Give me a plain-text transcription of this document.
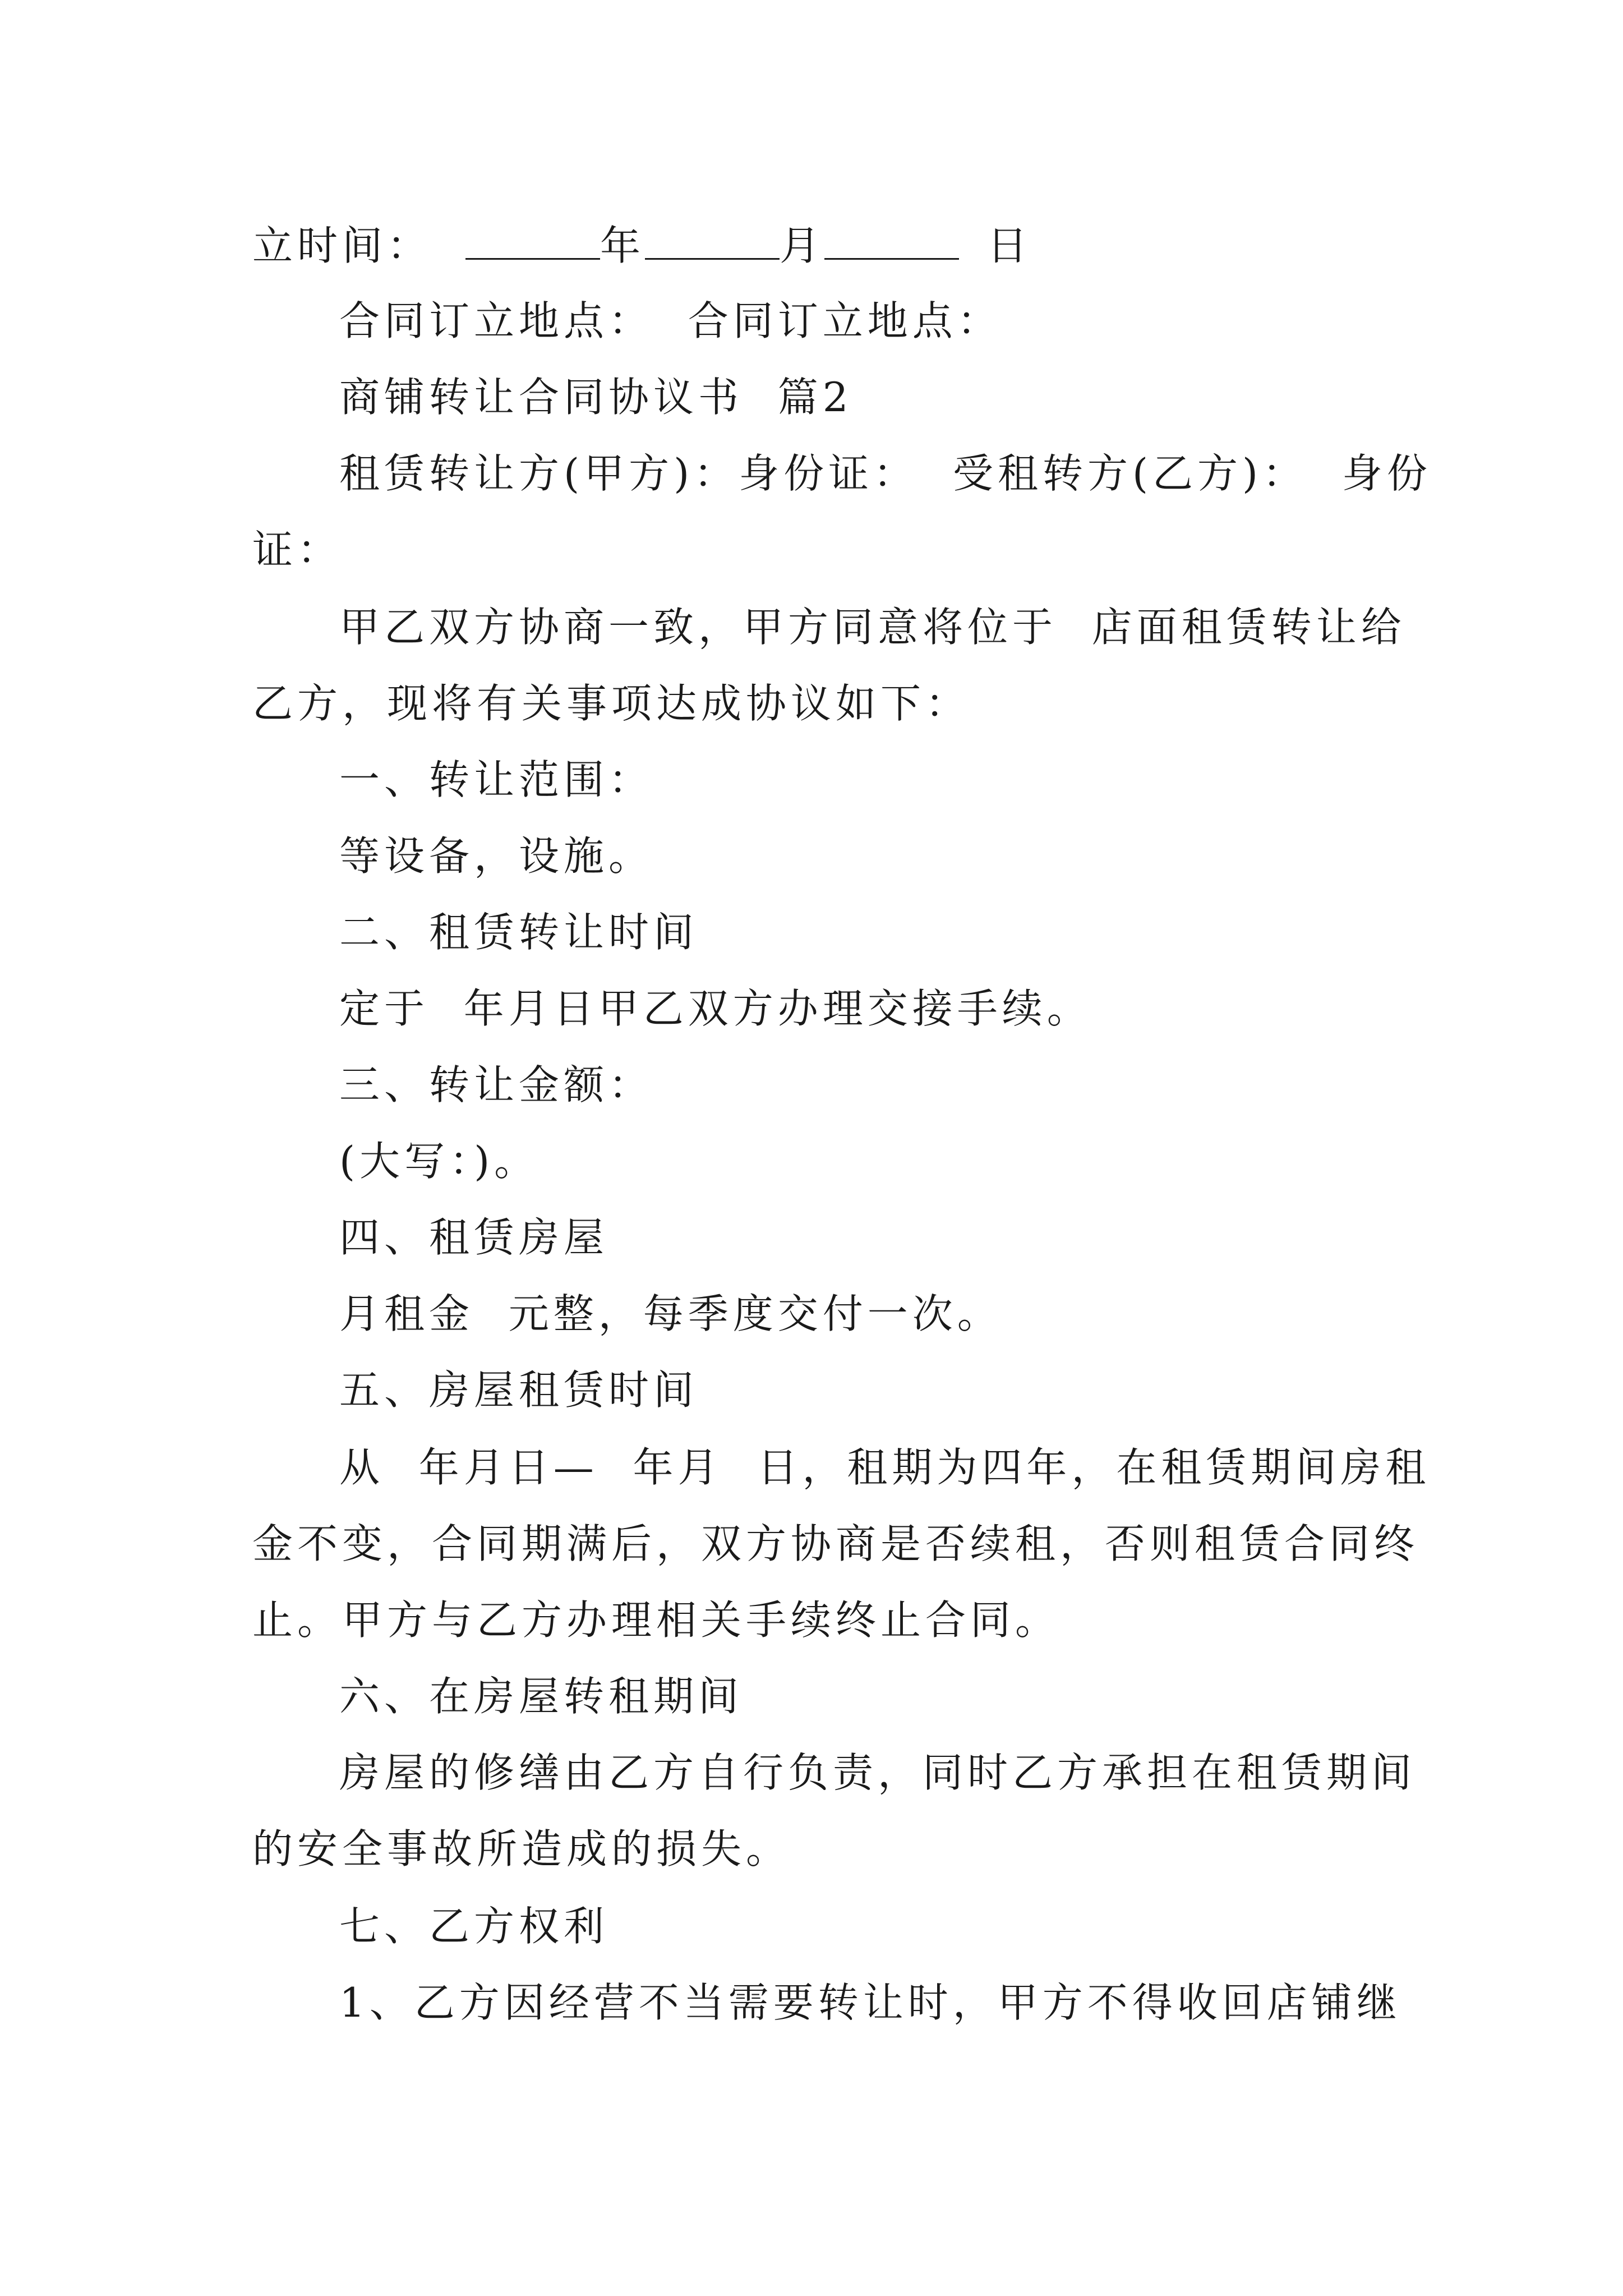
立时间：	年	月	日
合同订立地点：  合同订立地点：
商铺转让合同协议书  篇2
租赁转让方(甲方)：身份证：  受租转方(乙方)：  身份
证：
甲乙双方协商一致，甲方同意将位于  店面租赁转让给
乙方，现将有关事项达成协议如下：
一、转让范围：
等设备，设施。
二、租赁转让时间
定于  年月日甲乙双方办理交接手续。
三、转让金额：
(大写：)。
四、租赁房屋
月租金  元整，每季度交付一次。
五、房屋租赁时间
从  年月日—  年月  日，租期为四年，在租赁期间房租
金不变，合同期满后，双方协商是否续租，否则租赁合同终
止。甲方与乙方办理相关手续终止合同。
六、在房屋转租期间
房屋的修缮由乙方自行负责，同时乙方承担在租赁期间
的安全事故所造成的损失。
七、乙方权利
1、乙方因经营不当需要转让时，甲方不得收回店铺继
